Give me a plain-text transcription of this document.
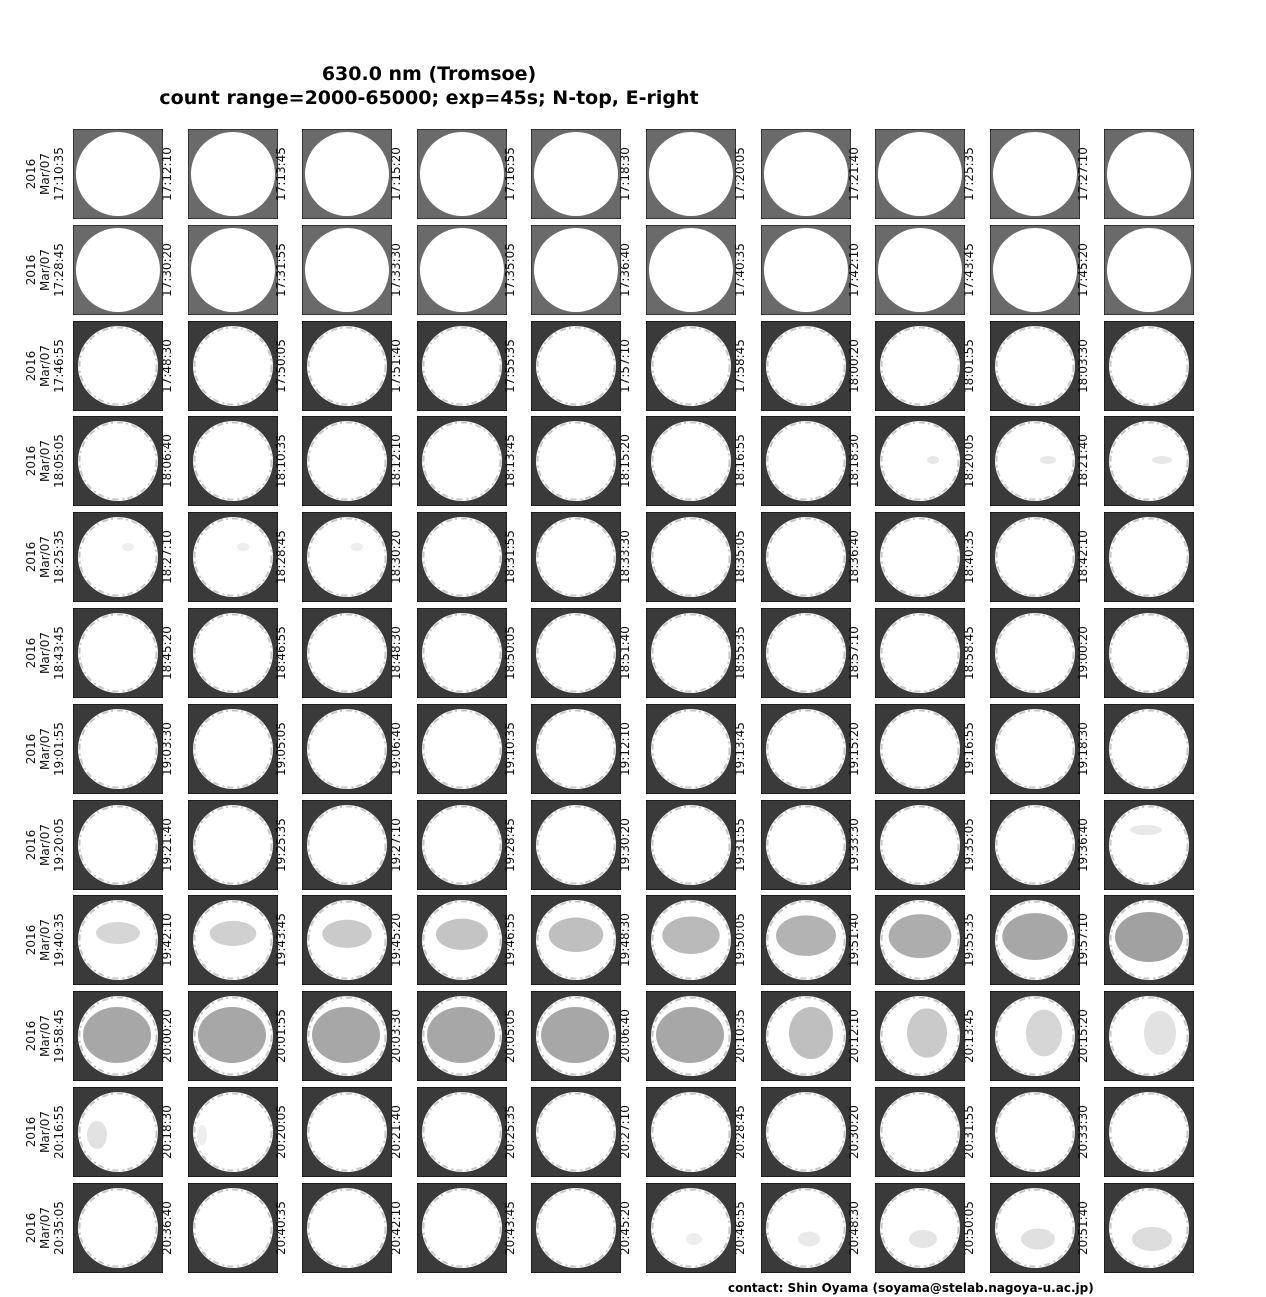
630.0 nm (Tromsoe)
count range=2000-65000; exp=45s; N-top, E-right
2016 Mar/07 17:10:35	17:12:10	17:13:45	17:15:20	17:16:55	17:18:30	17:20:05	17:21:40	17:25:35	17:27:10
2016 Mar/07 17:28:45	17:30:20	17:31:55	17:33:30	17:35:05	17:36:40	17:40:35	17:42:10	17:43:45	17:45:20
2016 Mar/07 17:46:55	17:48:30	17:50:05	17:51:40	17:55:35	17:57:10	17:58:45	18:00:20	18:01:55	18:03:30
2016 Mar/07 18:05:05	18:06:40	18:10:35	18:12:10	18:13:45	18:15:20	18:16:55	18:18:30	18:20:05	18:21:40
2016 Mar/07 18:25:35	18:27:10	18:28:45	18:30:20	18:31:55	18:33:30	18:35:05	18:36:40	18:40:35	18:42:10
2016 Mar/07 18:43:45	18:45:20	18:46:55	18:48:30	18:50:05	18:51:40	18:55:35	18:57:10	18:58:45	19:00:20
2016 Mar/07 19:01:55	19:03:30	19:05:05	19:06:40	19:10:35	19:12:10	19:13:45	19:15:20	19:16:55	19:18:30
2016 Mar/07 19:20:05	19:21:40	19:25:35	19:27:10	19:28:45	19:30:20	19:31:55	19:33:30	19:35:05	19:36:40
2016 Mar/07 19:40:35	19:42:10	19:43:45	19:45:20	19:46:55	19:48:30	19:50:05	19:51:40	19:55:35	19:57:10
2016 Mar/07 19:58:45	20:00:20	20:01:55	20:03:30	20:05:05	20:06:40	20:10:35	20:12:10	20:13:45	20:15:20
2016 Mar/07 20:16:55	20:18:30	20:20:05	20:21:40	20:25:35	20:27:10	20:28:45	20:30:20	20:31:55	20:33:30
2016 Mar/07 20:35:05	20:36:40	20:40:35	20:42:10	20:43:45	20:45:20	20:46:55	20:48:30	20:50:05	20:51:40
contact: Shin Oyama (soyama@stelab.nagoya-u.ac.jp)
